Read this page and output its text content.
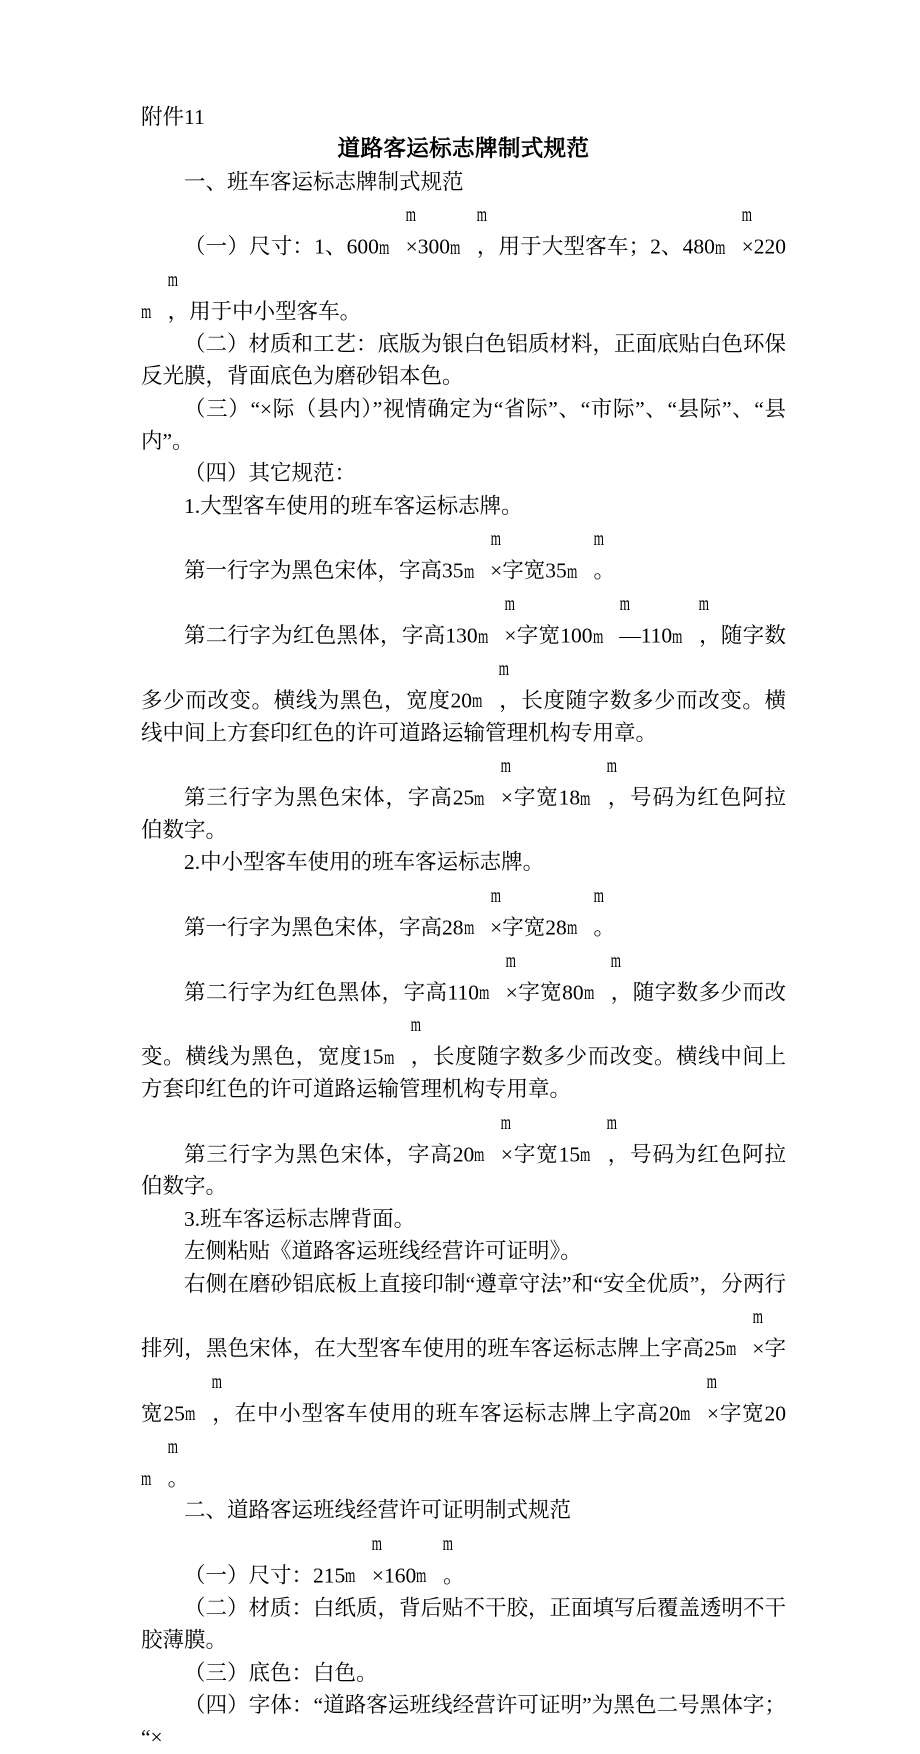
附件11
道路客运标志牌制式规范

一、班车客运标志牌制式规范

（一）尺寸：1、600mm ×300mm ，用于大型客车；2、480mm ×220mm ，用于中小型客车。

（二）材质和工艺：底版为银白色铝质材料，正面底贴白色环保反光膜，背面底色为磨砂铝本色。

（三）“×际（县内）”视情确定为“省际”、“市际”、“县际”、“县内”。

（四）其它规范：

1.大型客车使用的班车客运标志牌。

第一行字为黑色宋体，字高35mm ×字宽35mm 。

第二行字为红色黑体，字高130mm ×字宽100mm —110mm ，随字数多少而改变。横线为黑色，宽度20mm ，长度随字数多少而改变。横线中间上方套印红色的许可道路运输管理机构专用章。

第三行字为黑色宋体，字高25mm ×字宽18mm ，号码为红色阿拉伯数字。

2.中小型客车使用的班车客运标志牌。

第一行字为黑色宋体，字高28mm ×字宽28mm 。

第二行字为红色黑体，字高110mm ×字宽80mm ，随字数多少而改变。横线为黑色，宽度15mm ，长度随字数多少而改变。横线中间上方套印红色的许可道路运输管理机构专用章。

第三行字为黑色宋体，字高20mm ×字宽15mm ，号码为红色阿拉伯数字。

3.班车客运标志牌背面。

左侧粘贴《道路客运班线经营许可证明》。

右侧在磨砂铝底板上直接印制“遵章守法”和“安全优质”，分两行排列，黑色宋体，在大型客车使用的班车客运标志牌上字高25mm ×字宽25mm ，在中小型客车使用的班车客运标志牌上字高20mm ×字宽20mm 。

二、道路客运班线经营许可证明制式规范

（一）尺寸：215mm ×160mm 。

（二）材质：白纸质，背后贴不干胶，正面填写后覆盖透明不干胶薄膜。

（三）底色：白色。

（四）字体：“道路客运班线经营许可证明”为黑色二号黑体字；“×
